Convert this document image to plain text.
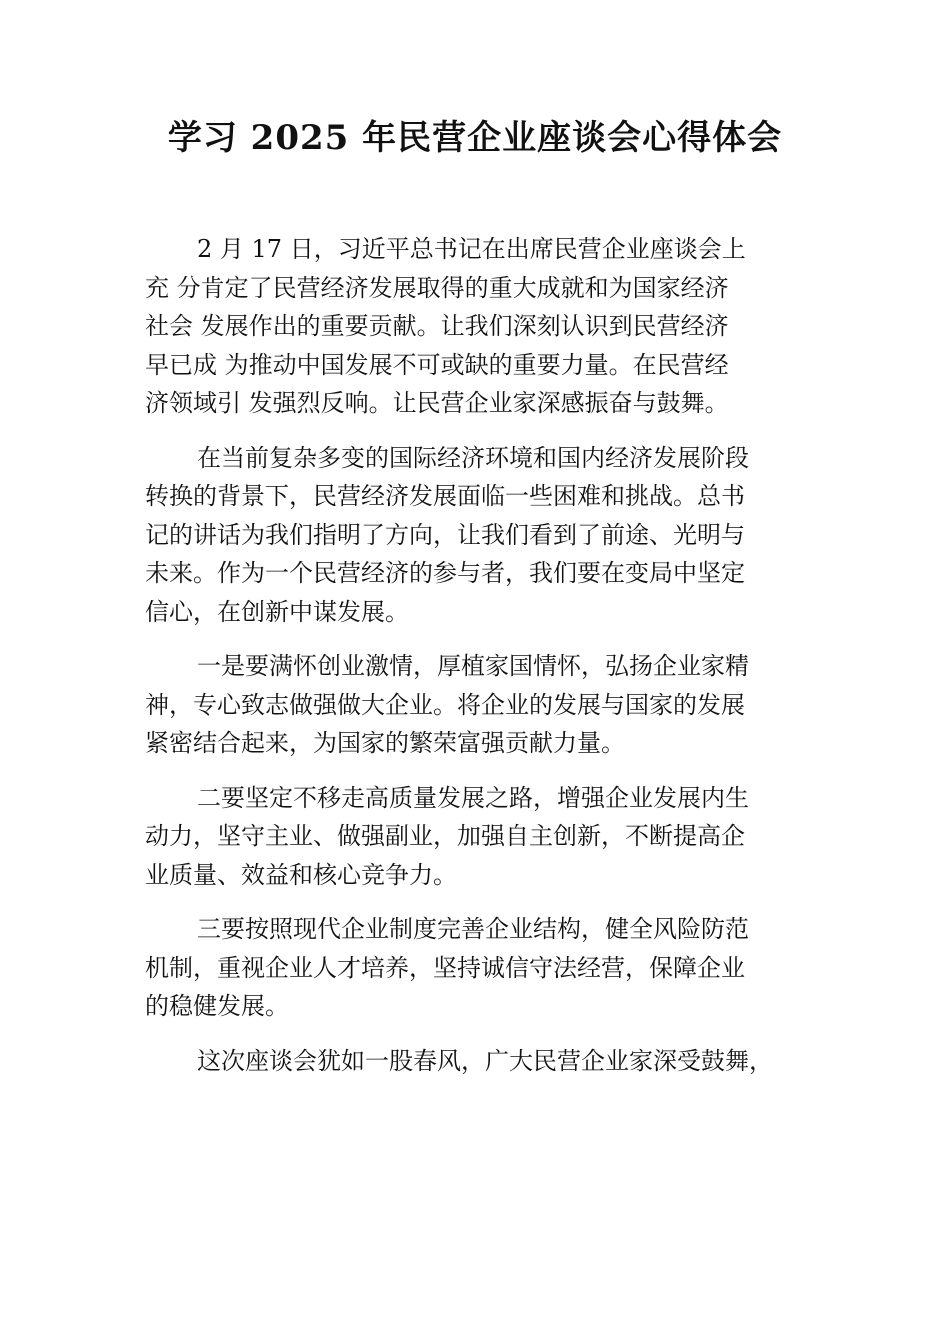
学习 2025 年民营企业座谈会心得体会

2 月 17 日，习近平总书记在出席民营企业座谈会上
充 分肯定了民营经济发展取得的重大成就和为国家经济
社会 发展作出的重要贡献。让我们深刻认识到民营经济
早已成 为推动中国发展不可或缺的重要力量。在民营经
济领域引 发强烈反响。让民营企业家深感振奋与鼓舞。

在当前复杂多变的国际经济环境和国内经济发展阶段
转换的背景下，民营经济发展面临一些困难和挑战。总书
记的讲话为我们指明了方向，让我们看到了前途、光明与
未来。作为一个民营经济的参与者，我们要在变局中坚定
信心，在创新中谋发展。

一是要满怀创业激情，厚植家国情怀，弘扬企业家精
神，专心致志做强做大企业。将企业的发展与国家的发展
紧密结合起来，为国家的繁荣富强贡献力量。

二要坚定不移走高质量发展之路，增强企业发展内生
动力，坚守主业、做强副业，加强自主创新，不断提高企
业质量、效益和核心竞争力。

三要按照现代企业制度完善企业结构，健全风险防范
机制，重视企业人才培养，坚持诚信守法经营，保障企业
的稳健发展。

这次座谈会犹如一股春风，广大民营企业家深受鼓舞，
